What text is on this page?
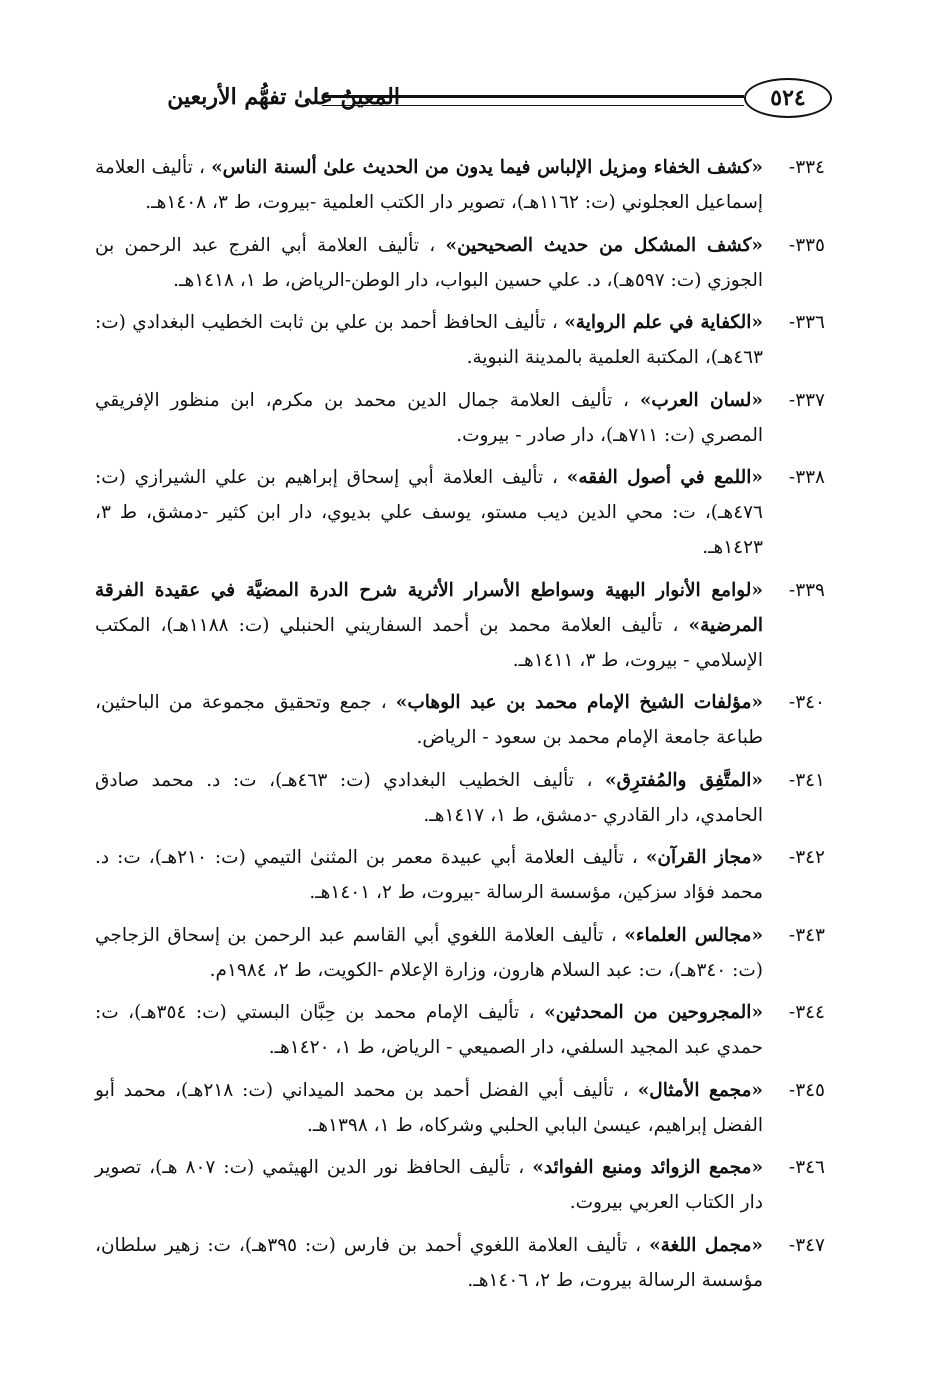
المعينُ علىٰ تفهُّم الأربعين	٥٢٤
٣٣٤-
«كشف الخفاء ومزيل الإلباس فيما يدون من الحديث علىٰ ألسنة الناس» ، تأليف العلامة إسماعيل العجلوني (ت: ١١٦٢هـ)، تصوير دار الكتب العلمية -بيروت، ط ٣، ١٤٠٨هـ.
٣٣٥-
«كشف المشكل من حديث الصحيحين» ، تأليف العلامة أبي الفرج عبد الرحمن بن الجوزي (ت: ٥٩٧هـ)، د. علي حسين البواب، دار الوطن-الرياض، ط ١، ١٤١٨هـ.
٣٣٦-
«الكفاية في علم الرواية» ، تأليف الحافظ أحمد بن علي بن ثابت الخطيب البغدادي (ت: ٤٦٣هـ)، المكتبة العلمية بالمدينة النبوية.
٣٣٧-
«لسان العرب» ، تأليف العلامة جمال الدين محمد بن مكرم، ابن منظور الإفريقي المصري (ت: ٧١١هـ)، دار صادر - بيروت.
٣٣٨-
«اللمع في أصول الفقه» ، تأليف العلامة أبي إسحاق إبراهيم بن علي الشيرازي (ت: ٤٧٦هـ)، ت: محي الدين ديب مستو، يوسف علي بديوي، دار ابن كثير -دمشق، ط ٣، ١٤٢٣هـ.
٣٣٩-
«لوامع الأنوار البهية وسواطع الأسرار الأثرية شرح الدرة المضيَّة في عقيدة الفرقة المرضية» ، تأليف العلامة محمد بن أحمد السفاريني الحنبلي (ت: ١١٨٨هـ)، المكتب الإسلامي - بيروت، ط ٣، ١٤١١هـ.
٣٤٠-
«مؤلفات الشيخ الإمام محمد بن عبد الوهاب» ، جمع وتحقيق مجموعة من الباحثين، طباعة جامعة الإمام محمد بن سعود - الرياض.
٣٤١-
«المتَّفِق والمُفترِق» ، تأليف الخطيب البغدادي (ت: ٤٦٣هـ)، ت: د. محمد صادق الحامدي، دار القادري -دمشق، ط ١، ١٤١٧هـ.
٣٤٢-
«مجاز القرآن» ، تأليف العلامة أبي عبيدة معمر بن المثنىٰ التيمي (ت: ٢١٠هـ)، ت: د. محمد فؤاد سزكين، مؤسسة الرسالة -بيروت، ط ٢، ١٤٠١هـ.
٣٤٣-
«مجالس العلماء» ، تأليف العلامة اللغوي أبي القاسم عبد الرحمن بن إسحاق الزجاجي (ت: ٣٤٠هـ)، ت: عبد السلام هارون، وزارة الإعلام -الكويت، ط ٢، ١٩٨٤م.
٣٤٤-
«المجروحين من المحدثين» ، تأليف الإمام محمد بن حِبَّان البستي (ت: ٣٥٤هـ)، ت: حمدي عبد المجيد السلفي، دار الصميعي - الرياض، ط ١، ١٤٢٠هـ.
٣٤٥-
«مجمع الأمثال» ، تأليف أبي الفضل أحمد بن محمد الميداني (ت: ٢١٨هـ)، محمد أبو الفضل إبراهيم، عيسىٰ البابي الحلبي وشركاه، ط ١، ١٣٩٨هـ.
٣٤٦-
«مجمع الزوائد ومنبع الفوائد» ، تأليف الحافظ نور الدين الهيثمي (ت: ٨٠٧ هـ)، تصوير دار الكتاب العربي بيروت.
٣٤٧-
«مجمل اللغة» ، تأليف العلامة اللغوي أحمد بن فارس (ت: ٣٩٥هـ)، ت: زهير سلطان، مؤسسة الرسالة بيروت، ط ٢، ١٤٠٦هـ.
